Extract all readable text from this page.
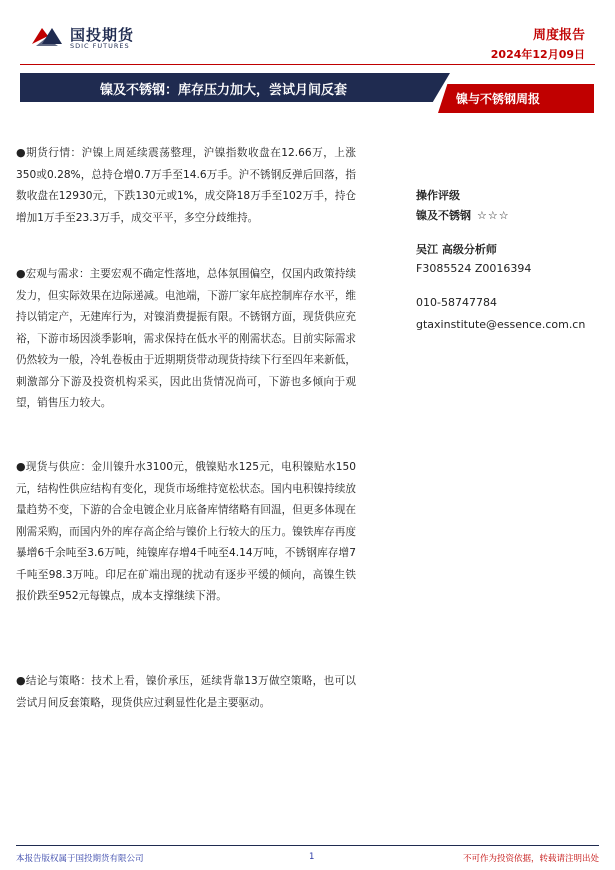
国投期货
SDIC FUTURES
周度报告
2024年12月09日
镍及不锈钢：库存压力加大，尝试月间反套
镍与不锈钢周报
●期货行情：沪镍上周延续震荡整理，沪镍指数收盘在12.66万，上涨350或0.28%，总持仓增0.7万手至14.6万手。沪不锈钢反弹后回落，指数收盘在12930元，下跌130元或1%，成交降18万手至102万手，持仓增加1万手至23.3万手，成交平平，多空分歧维持。
●宏观与需求：主要宏观不确定性落地，总体氛围偏空，仅国内政策持续发力，但实际效果在边际递减。电池端，下游厂家年底控制库存水平，维持以销定产，无建库行为，对镍消费提振有限。不锈钢方面，现货供应充裕，下游市场因淡季影响，需求保持在低水平的刚需状态。目前实际需求仍然较为一般，冷轧卷板由于近期期货带动现货持续下行至四年来新低，刺激部分下游及投资机构采买，因此出货情况尚可，下游也多倾向于观望，销售压力较大。
●现货与供应：金川镍升水3100元，俄镍贴水125元，电积镍贴水150元，结构性供应结构有变化，现货市场维持宽松状态。国内电积镍持续放量趋势不变，下游的合金电镀企业月底备库情绪略有回温，但更多体现在刚需采购，而国内外的库存高企给与镍价上行较大的压力。镍铁库存再度暴增6千余吨至3.6万吨，纯镍库存增4千吨至4.14万吨，不锈钢库存增7千吨至98.3万吨。印尼在矿端出现的扰动有逐步平缓的倾向，高镍生铁报价跌至952元每镍点，成本支撑继续下滑。
●结论与策略：技术上看，镍价承压，延续背靠13万做空策略，也可以尝试月间反套策略，现货供应过剩显性化是主要驱动。
操作评级
镍及不锈钢 ☆☆☆
吴江 高级分析师
F3085524 Z0016394
010-58747784
gtaxinstitute@essence.com.cn
本报告版权属于国投期货有限公司	1	不可作为投资依据，转载请注明出处
